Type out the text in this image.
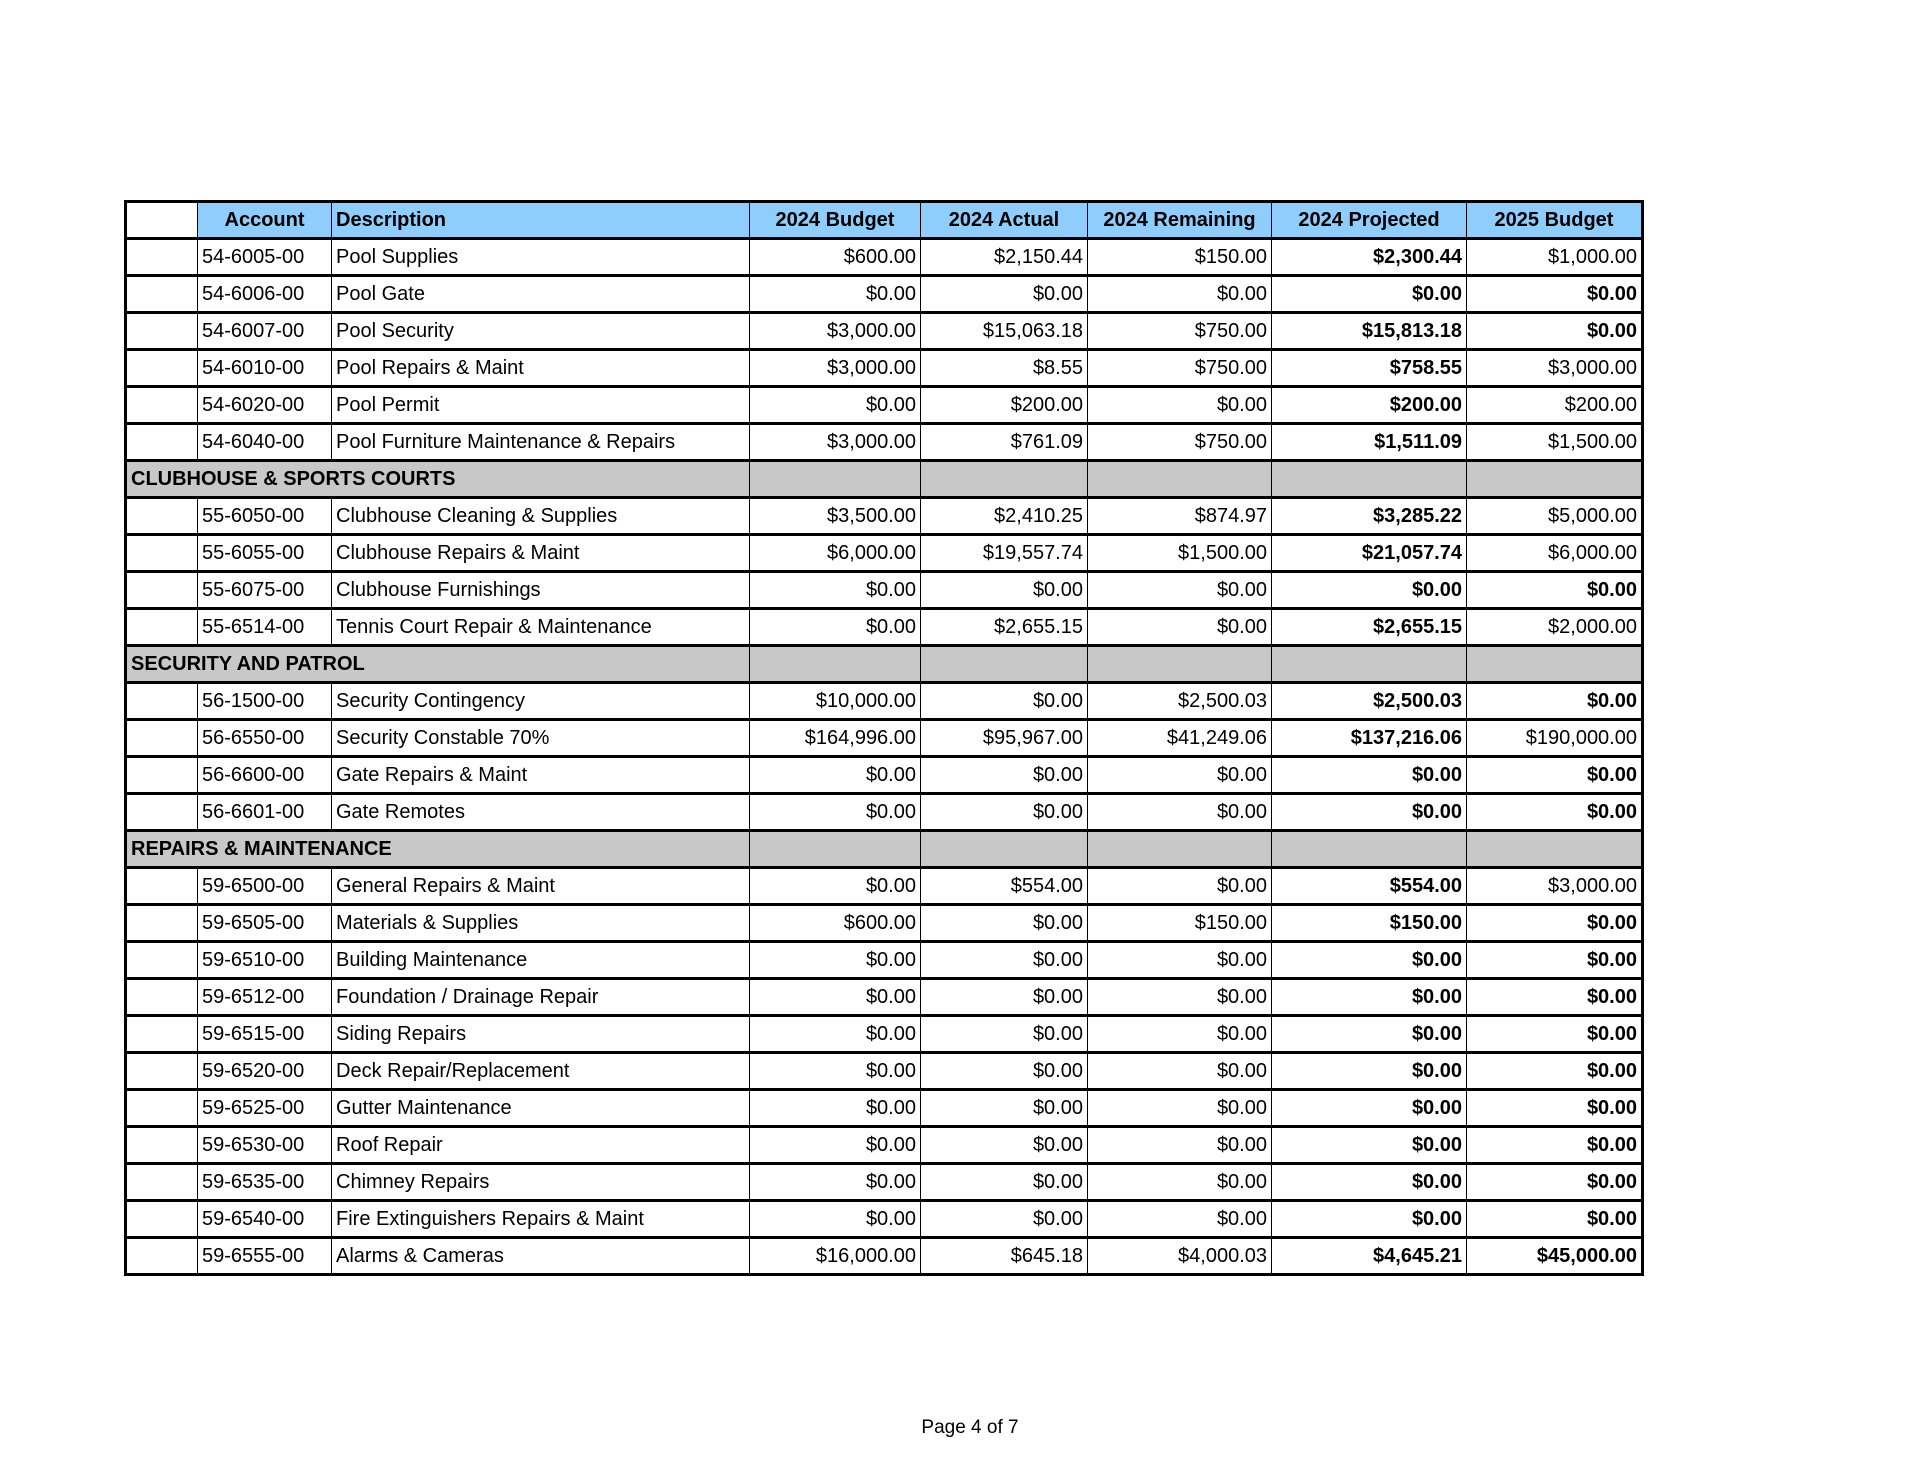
	Account	Description	2024 Budget	2024 Actual	2024 Remaining	2024 Projected	2025 Budget
	54-6005-00	Pool Supplies	$600.00	$2,150.44	$150.00	$2,300.44	$1,000.00
	54-6006-00	Pool Gate	$0.00	$0.00	$0.00	$0.00	$0.00
	54-6007-00	Pool Security	$3,000.00	$15,063.18	$750.00	$15,813.18	$0.00
	54-6010-00	Pool Repairs & Maint	$3,000.00	$8.55	$750.00	$758.55	$3,000.00
	54-6020-00	Pool Permit	$0.00	$200.00	$0.00	$200.00	$200.00
	54-6040-00	Pool Furniture Maintenance & Repairs	$3,000.00	$761.09	$750.00	$1,511.09	$1,500.00
CLUBHOUSE & SPORTS COURTS							
	55-6050-00	Clubhouse Cleaning & Supplies	$3,500.00	$2,410.25	$874.97	$3,285.22	$5,000.00
	55-6055-00	Clubhouse Repairs & Maint	$6,000.00	$19,557.74	$1,500.00	$21,057.74	$6,000.00
	55-6075-00	Clubhouse Furnishings	$0.00	$0.00	$0.00	$0.00	$0.00
	55-6514-00	Tennis Court Repair & Maintenance	$0.00	$2,655.15	$0.00	$2,655.15	$2,000.00
SECURITY AND PATROL							
	56-1500-00	Security Contingency	$10,000.00	$0.00	$2,500.03	$2,500.03	$0.00
	56-6550-00	Security Constable 70%	$164,996.00	$95,967.00	$41,249.06	$137,216.06	$190,000.00
	56-6600-00	Gate Repairs & Maint	$0.00	$0.00	$0.00	$0.00	$0.00
	56-6601-00	Gate Remotes	$0.00	$0.00	$0.00	$0.00	$0.00
REPAIRS & MAINTENANCE							
	59-6500-00	General Repairs & Maint	$0.00	$554.00	$0.00	$554.00	$3,000.00
	59-6505-00	Materials & Supplies	$600.00	$0.00	$150.00	$150.00	$0.00
	59-6510-00	Building Maintenance	$0.00	$0.00	$0.00	$0.00	$0.00
	59-6512-00	Foundation / Drainage Repair	$0.00	$0.00	$0.00	$0.00	$0.00
	59-6515-00	Siding Repairs	$0.00	$0.00	$0.00	$0.00	$0.00
	59-6520-00	Deck Repair/Replacement	$0.00	$0.00	$0.00	$0.00	$0.00
	59-6525-00	Gutter Maintenance	$0.00	$0.00	$0.00	$0.00	$0.00
	59-6530-00	Roof Repair	$0.00	$0.00	$0.00	$0.00	$0.00
	59-6535-00	Chimney Repairs	$0.00	$0.00	$0.00	$0.00	$0.00
	59-6540-00	Fire Extinguishers Repairs & Maint	$0.00	$0.00	$0.00	$0.00	$0.00
	59-6555-00	Alarms & Cameras	$16,000.00	$645.18	$4,000.03	$4,645.21	$45,000.00
Page 4 of 7
